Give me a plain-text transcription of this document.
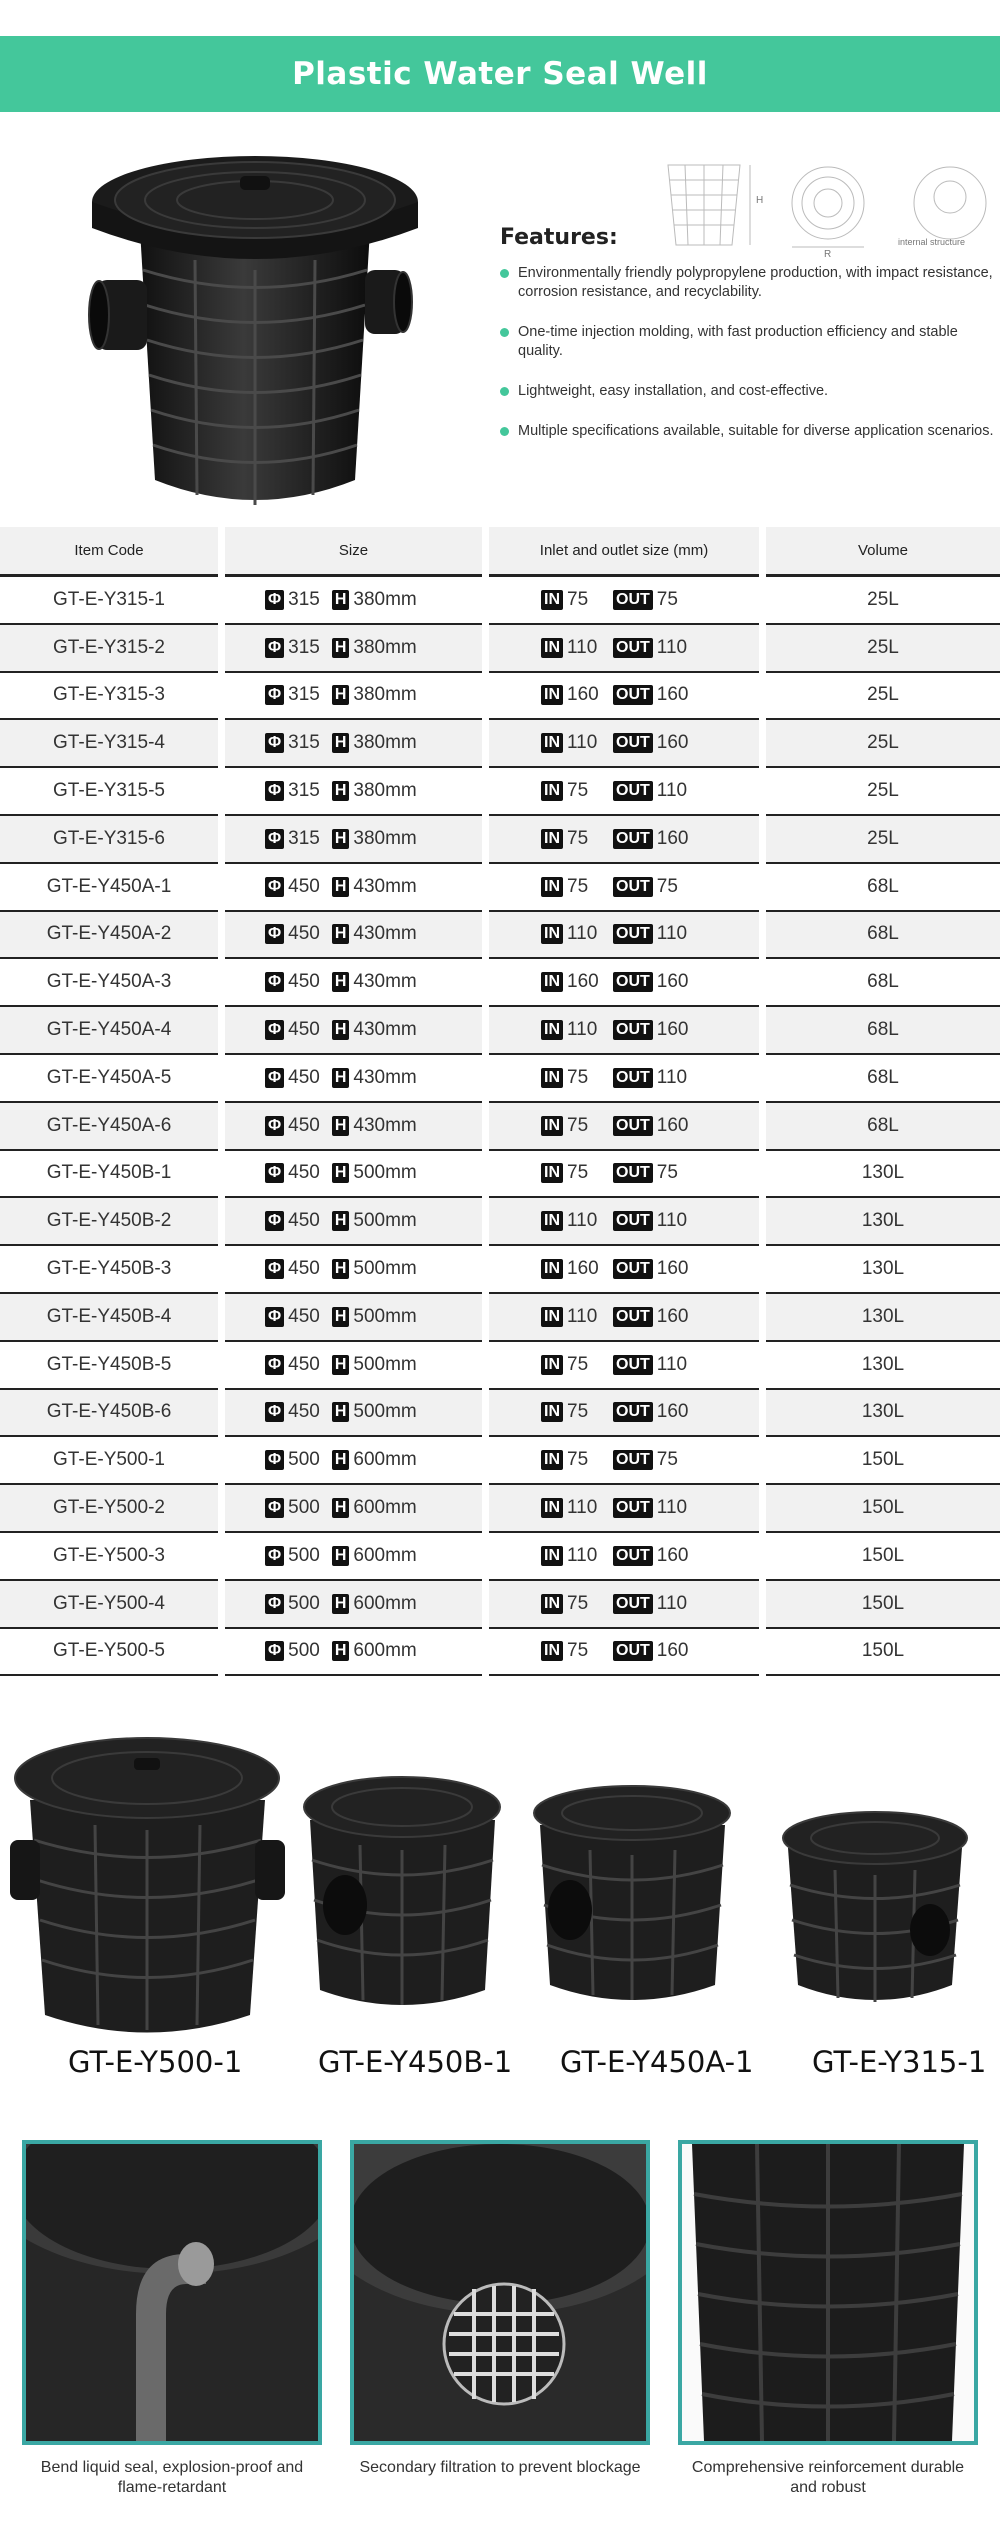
Plastic Water Seal Well
H
R
internal structure
Features:
Environmentally friendly polypropylene production, with impact resistance, corrosion resistance, and recyclability.
One-time injection molding, with fast production efficiency and stable quality.
Lightweight, easy installation, and cost-effective.
Multiple specifications available, suitable for diverse application scenarios.
Item Code	Size	Inlet and outlet size (mm)	Volume
GT-E-Y315-1	Φ 315 H 380mm	IN 75	OUT 75	25L
GT-E-Y315-2	Φ 315 H 380mm	IN 110	OUT 110	25L
GT-E-Y315-3	Φ 315 H 380mm	IN 160	OUT 160	25L
GT-E-Y315-4	Φ 315 H 380mm	IN 110	OUT 160	25L
GT-E-Y315-5	Φ 315 H 380mm	IN 75	OUT 110	25L
GT-E-Y315-6	Φ 315 H 380mm	IN 75	OUT 160	25L
GT-E-Y450A-1	Φ 450 H 430mm	IN 75	OUT 75	68L
GT-E-Y450A-2	Φ 450 H 430mm	IN 110	OUT 110	68L
GT-E-Y450A-3	Φ 450 H 430mm	IN 160	OUT 160	68L
GT-E-Y450A-4	Φ 450 H 430mm	IN 110	OUT 160	68L
GT-E-Y450A-5	Φ 450 H 430mm	IN 75	OUT 110	68L
GT-E-Y450A-6	Φ 450 H 430mm	IN 75	OUT 160	68L
GT-E-Y450B-1	Φ 450 H 500mm	IN 75	OUT 75	130L
GT-E-Y450B-2	Φ 450 H 500mm	IN 110	OUT 110	130L
GT-E-Y450B-3	Φ 450 H 500mm	IN 160	OUT 160	130L
GT-E-Y450B-4	Φ 450 H 500mm	IN 110	OUT 160	130L
GT-E-Y450B-5	Φ 450 H 500mm	IN 75	OUT 110	130L
GT-E-Y450B-6	Φ 450 H 500mm	IN 75	OUT 160	130L
GT-E-Y500-1	Φ 500 H 600mm	IN 75	OUT 75	150L
GT-E-Y500-2	Φ 500 H 600mm	IN 110	OUT 110	150L
GT-E-Y500-3	Φ 500 H 600mm	IN 110	OUT 160	150L
GT-E-Y500-4	Φ 500 H 600mm	IN 75	OUT 110	150L
GT-E-Y500-5	Φ 500 H 600mm	IN 75	OUT 160	150L
GT-E-Y500-1	GT-E-Y450B-1 GT-E-Y450A-1 GT-E-Y315-1
Bend liquid seal, explosion-proof and flame-retardant
Secondary filtration to prevent blockage	Comprehensive reinforcement durable and robust
